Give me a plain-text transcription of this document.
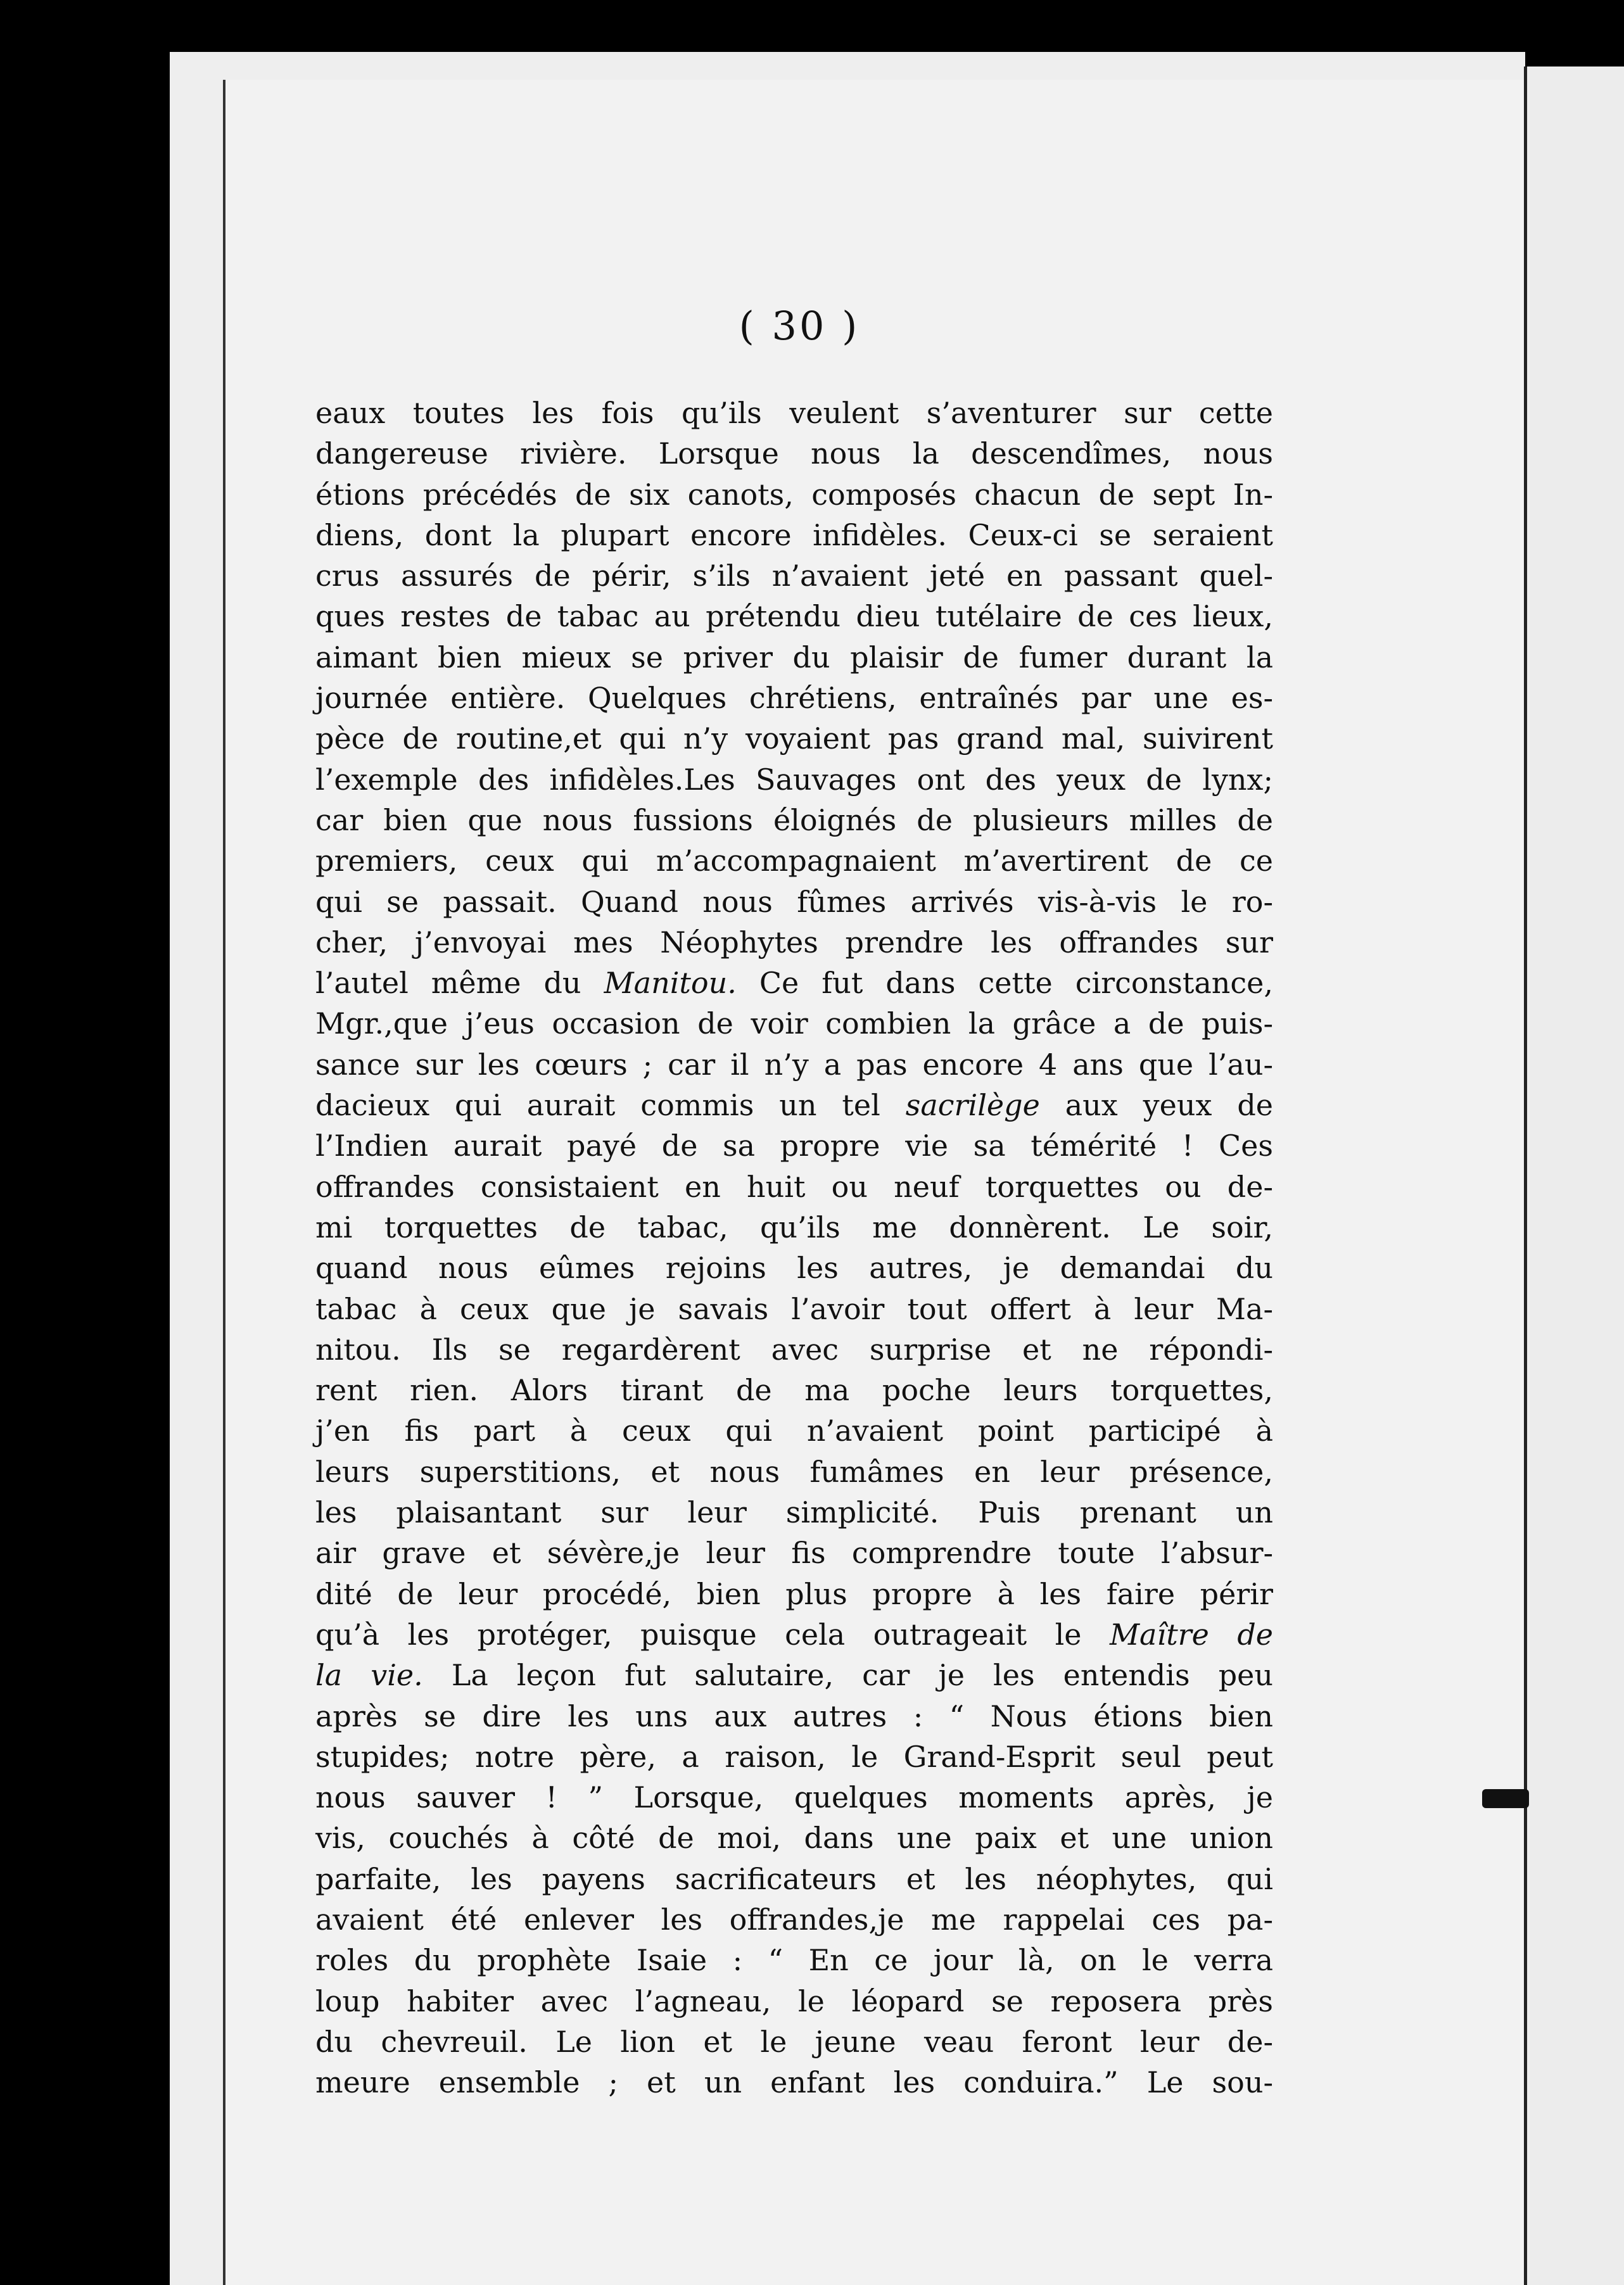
( 30 )
eaux toutes les fois qu’ils veulent s’aventurer sur cette
dangereuse rivière. Lorsque nous la descendîmes, nous
étions précédés de six canots, composés chacun de sept In-
diens, dont la plupart encore infidèles. Ceux-ci se seraient
crus assurés de périr, s’ils n’avaient jeté en passant quel-
ques restes de tabac au prétendu dieu tutélaire de ces lieux,
aimant bien mieux se priver du plaisir de fumer durant la
journée entière. Quelques chrétiens, entraînés par une es-
pèce de routine,et qui n’y voyaient pas grand mal, suivirent
l’exemple des infidèles.Les Sauvages ont des yeux de lynx;
car bien que nous fussions éloignés de plusieurs milles de
premiers, ceux qui m’accompagnaient m’avertirent de ce
qui se passait. Quand nous fûmes arrivés vis-à-vis le ro-
cher, j’envoyai mes Néophytes prendre les offrandes sur
l’autel même du Manitou. Ce fut dans cette circonstance,
Mgr.,que j’eus occasion de voir combien la grâce a de puis-
sance sur les cœurs ; car il n’y a pas encore 4 ans que l’au-
dacieux qui aurait commis un tel sacrilège aux yeux de
l’Indien aurait payé de sa propre vie sa témérité ! Ces
offrandes consistaient en huit ou neuf torquettes ou de-
mi torquettes de tabac, qu’ils me donnèrent. Le soir,
quand nous eûmes rejoins les autres, je demandai du
tabac à ceux que je savais l’avoir tout offert à leur Ma-
nitou. Ils se regardèrent avec surprise et ne répondi-
rent rien. Alors tirant de ma poche leurs torquettes,
j’en fis part à ceux qui n’avaient point participé à
leurs superstitions, et nous fumâmes en leur présence,
les plaisantant sur leur simplicité. Puis prenant un
air grave et sévère,je leur fis comprendre toute l’absur-
dité de leur procédé, bien plus propre à les faire périr
qu’à les protéger, puisque cela outrageait le Maître de
la vie. La leçon fut salutaire, car je les entendis peu
après se dire les uns aux autres : “ Nous étions bien
stupides; notre père, a raison, le Grand-Esprit seul peut
nous sauver ! ” Lorsque, quelques moments après, je
vis, couchés à côté de moi, dans une paix et une union
parfaite, les payens sacrificateurs et les néophytes, qui
avaient été enlever les offrandes,je me rappelai ces pa-
roles du prophète Isaie : “ En ce jour là, on le verra
loup habiter avec l’agneau, le léopard se reposera près
du chevreuil. Le lion et le jeune veau feront leur de-
meure ensemble ; et un enfant les conduira.” Le sou-
